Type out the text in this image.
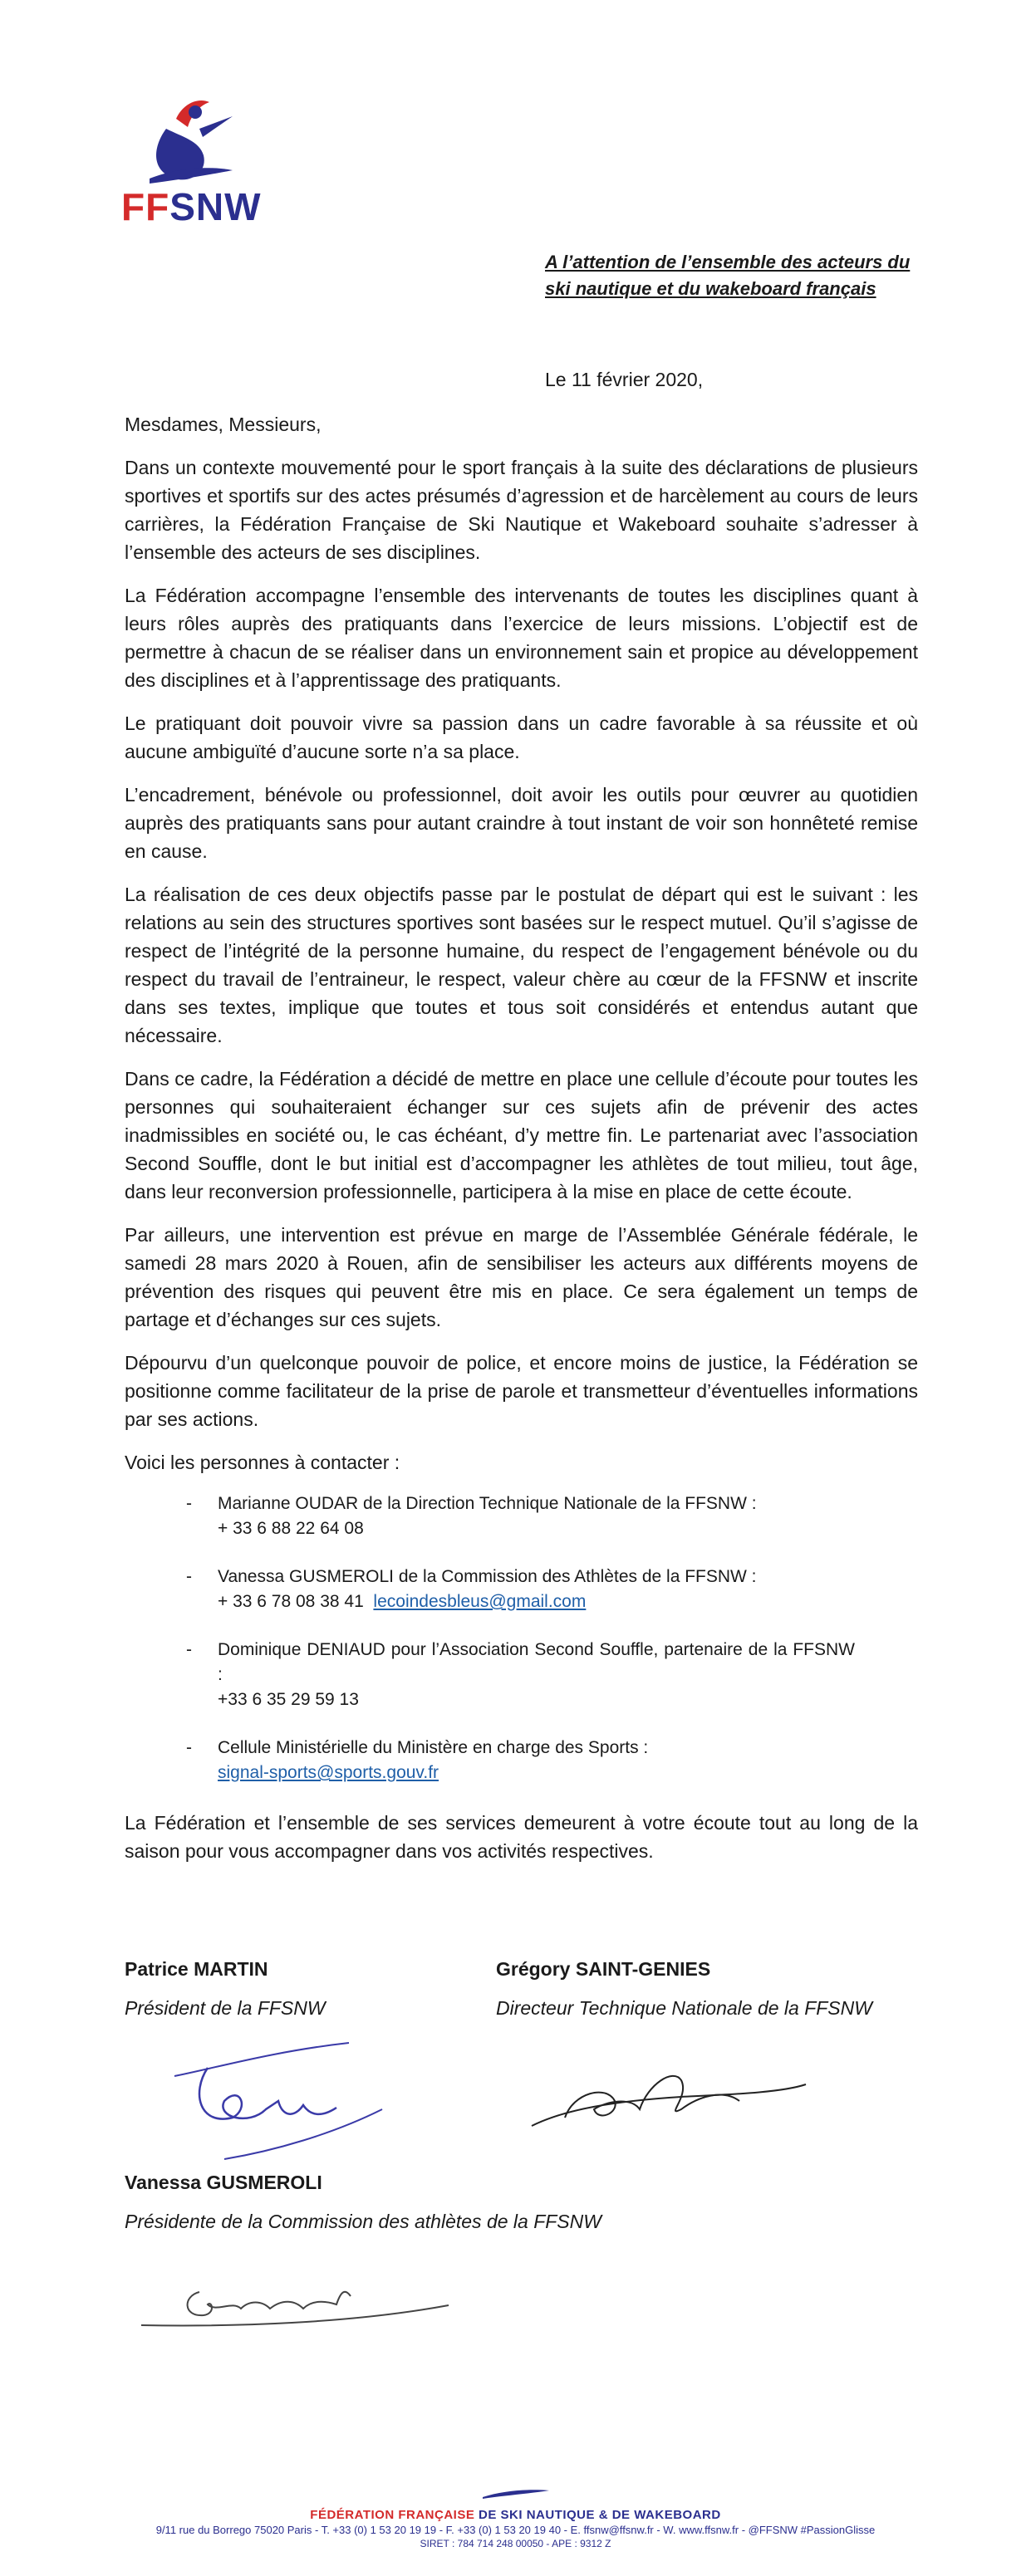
FFSNW
A l’attention de l’ensemble des acteurs du ski nautique et du wakeboard français
Le 11 février 2020,

Mesdames, Messieurs,

Dans un contexte mouvementé pour le sport français à la suite des déclarations de plusieurs sportives et sportifs sur des actes présumés d’agression et de harcèlement au cours de leurs carrières, la Fédération Française de Ski Nautique et Wakeboard souhaite s’adresser à l’ensemble des acteurs de ses disciplines.

La Fédération accompagne l’ensemble des intervenants de toutes les disciplines quant à leurs rôles auprès des pratiquants dans l’exercice de leurs missions. L’objectif est de permettre à chacun de se réaliser dans un environnement sain et propice au développement des disciplines et à l’apprentissage des pratiquants.

Le pratiquant doit pouvoir vivre sa passion dans un cadre favorable à sa réussite et où aucune ambiguïté d’aucune sorte n’a sa place.

L’encadrement, bénévole ou professionnel, doit avoir les outils pour œuvrer au quotidien auprès des pratiquants sans pour autant craindre à tout instant de voir son honnêteté remise en cause.

La réalisation de ces deux objectifs passe par le postulat de départ qui est le suivant : les relations au sein des structures sportives sont basées sur le respect mutuel. Qu’il s’agisse de respect de l’intégrité de la personne humaine, du respect de l’engagement bénévole ou du respect du travail de l’entraineur, le respect, valeur chère au cœur de la FFSNW et inscrite dans ses textes, implique que toutes et tous soit considérés et entendus autant que nécessaire.

Dans ce cadre, la Fédération a décidé de mettre en place une cellule d’écoute pour toutes les personnes qui souhaiteraient échanger sur ces sujets afin de prévenir des actes inadmissibles en société ou, le cas échéant, d’y mettre fin. Le partenariat avec l’association Second Souffle, dont le but initial est d’accompagner les athlètes de tout milieu, tout âge, dans leur reconversion professionnelle, participera à la mise en place de cette écoute.

Par ailleurs, une intervention est prévue en marge de l’Assemblée Générale fédérale, le samedi 28 mars 2020 à Rouen, afin de sensibiliser les acteurs aux différents moyens de prévention des risques qui peuvent être mis en place. Ce sera également un temps de partage et d’échanges sur ces sujets.

Dépourvu d’un quelconque pouvoir de police, et encore moins de justice, la Fédération se positionne comme facilitateur de la prise de parole et transmetteur d’éventuelles informations par ses actions.

Voici les personnes à contacter :

- Marianne OUDAR de la Direction Technique Nationale de la FFSNW :
+ 33 6 88 22 64 08
- Vanessa GUSMEROLI de la Commission des Athlètes de la FFSNW :
+ 33 6 78 08 38 41 lecoindesbleus@gmail.com
- Dominique DENIAUD pour l’Association Second Souffle, partenaire de la FFSNW :
+33 6 35 29 59 13
- Cellule Ministérielle du Ministère en charge des Sports :
signal-sports@sports.gouv.fr

La Fédération et l’ensemble de ses services demeurent à votre écoute tout au long de la saison pour vous accompagner dans vos activités respectives.

Patrice MARTIN
Président de la FFSNW
Grégory SAINT-GENIES
Directeur Technique Nationale de la FFSNW
Vanessa GUSMEROLI
Présidente de la Commission des athlètes de la FFSNW
FÉDÉRATION FRANÇAISE DE SKI NAUTIQUE & DE WAKEBOARD
9/11 rue du Borrego 75020 Paris - T. +33 (0) 1 53 20 19 19 - F. +33 (0) 1 53 20 19 40 - E. ffsnw@ffsnw.fr - W. www.ffsnw.fr - @FFSNW #PassionGlisse
SIRET : 784 714 248 00050 - APE : 9312 Z
